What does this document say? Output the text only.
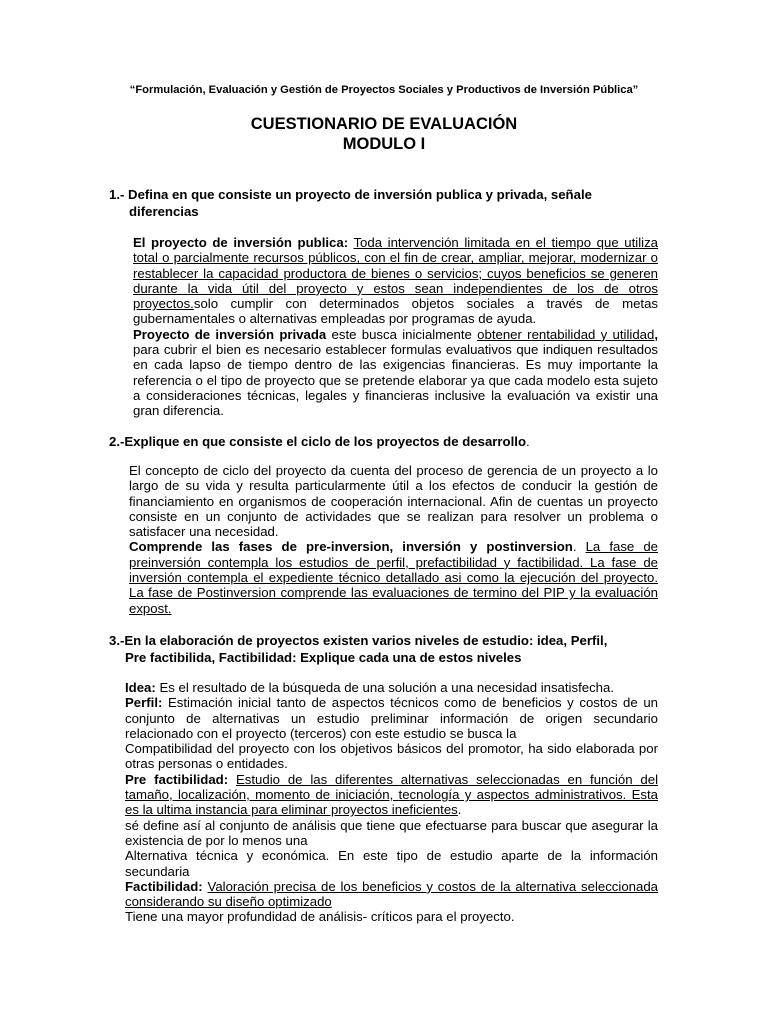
“Formulación, Evaluación y Gestión de Proyectos Sociales y Productivos de Inversión Pública”
CUESTIONARIO DE EVALUACIÓN
MODULO I
1.- Defina en que consiste un proyecto de inversión publica y privada, señale
diferencias

El proyecto de inversión publica: Toda intervención limitada en el tiempo que utiliza total o parcialmente recursos públicos, con el fin de crear, ampliar, mejorar, modernizar o restablecer la capacidad productora de bienes o servicios; cuyos beneficios se generen durante la vida útil del proyecto y estos sean independientes de los de otros proyectos.solo cumplir con determinados objetos sociales a través de metas gubernamentales o alternativas empleadas por programas de ayuda.

Proyecto de inversión privada este busca inicialmente obtener rentabilidad y utilidad, para cubrir el bien es necesario establecer formulas evaluativos que indiquen resultados en cada lapso de tiempo dentro de las exigencias financieras. Es muy importante la referencia o el tipo de proyecto que se pretende elaborar ya que cada modelo esta sujeto a consideraciones técnicas, legales y financieras inclusive la evaluación va existir una gran diferencia.

2.-Explique en que consiste el ciclo de los proyectos de desarrollo.

El concepto de ciclo del proyecto da cuenta del proceso de gerencia de un proyecto a lo largo de su vida y resulta particularmente útil a los efectos de conducir la gestión de financiamiento en organismos de cooperación internacional. Afin de cuentas un proyecto consiste en un conjunto de actividades que se realizan para resolver un problema o satisfacer una necesidad.

Comprende las fases de pre-inversion, inversión y postinversion. La fase de preinversión contempla los estudios de perfil, prefactibilidad y factibilidad. La fase de inversión contempla el expediente técnico detallado asi como la ejecución del proyecto. La fase de Postinversion comprende las evaluaciones de termino del PIP y la evaluación expost.

3.-En la elaboración de proyectos existen varios niveles de estudio: idea, Perfil,
Pre factibilida, Factibilidad: Explique cada una de estos niveles

Idea: Es el resultado de la búsqueda de una solución a una necesidad insatisfecha.

Perfil: Estimación inicial tanto de aspectos técnicos como de beneficios y costos de un conjunto de alternativas un estudio preliminar información de origen secundario relacionado con el proyecto (terceros) con este estudio se busca la

Compatibilidad del proyecto con los objetivos básicos del promotor, ha sido elaborada por otras personas o entidades.

Pre factibilidad: Estudio de las diferentes alternativas seleccionadas en función del tamaño, localización, momento de iniciación, tecnología y aspectos administrativos. Esta es la ultima instancia para eliminar proyectos ineficientes.

sé define así al conjunto de análisis que tiene que efectuarse para buscar que asegurar la existencia de por lo menos una

Alternativa técnica y económica. En este tipo de estudio aparte de la información secundaria

Factibilidad: Valoración precisa de los beneficios y costos de la alternativa seleccionada considerando su diseño optimizado

Tiene una mayor profundidad de análisis- críticos para el proyecto.
